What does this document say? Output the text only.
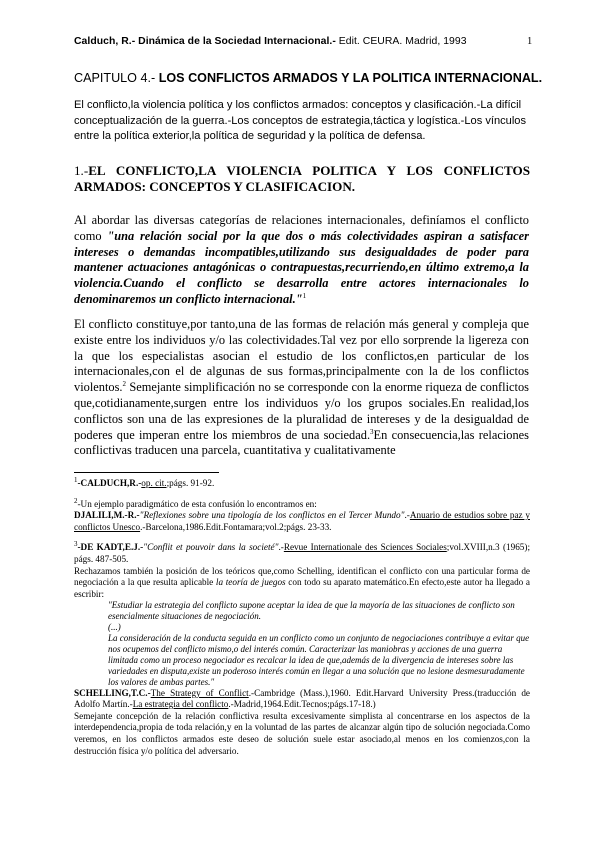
Calduch, R.- Dinámica de la Sociedad Internacional.- Edit. CEURA. Madrid, 1993	1
CAPITULO 4.- LOS CONFLICTOS ARMADOS Y LA POLITICA INTERNACIONAL.

El conflicto,la violencia política y los conflictos armados: conceptos y clasificación.-La difícil conceptualización de la guerra.-Los conceptos de estrategia,táctica y logística.-Los vínculos entre la política exterior,la política de seguridad y la política de defensa.

1.-EL CONFLICTO,LA VIOLENCIA POLITICA Y LOS CONFLICTOS ARMADOS: CONCEPTOS Y CLASIFICACION.

Al abordar las diversas categorías de relaciones internacionales, definíamos el conflicto como "una relación social por la que dos o más colectividades aspiran a satisfacer intereses o demandas incompatibles,utilizando sus desigualdades de poder para mantener actuaciones antagónicas o contrapuestas,recurriendo,en último extremo,a la violencia.Cuando el conflicto se desarrolla entre actores internacionales lo denominaremos un conflicto internacional."$^1$

El conflicto constituye,por tanto,una de las formas de relación más general y compleja que existe entre los individuos y/o las colectividades.Tal vez por ello sorprende la ligereza con la que los especialistas asocian el estudio de los conflictos,en particular de los internacionales,con el de algunas de sus formas,principalmente con la de los conflictos violentos.$^2$ Semejante simplificación no se corresponde con la enorme riqueza de conflictos que,cotidianamente,surgen entre los individuos y/o los grupos sociales.En realidad,los conflictos son una de las expresiones de la pluralidad de intereses y de la desigualdad de poderes que imperan entre los miembros de una sociedad.$^3$En consecuencia,las relaciones conflictivas traducen una parcela, cuantitativa y cualitativamente

$^1$-CALDUCH,R.-op. cit.;págs. 91-92.

$^2$-Un ejemplo paradigmático de esta confusión lo encontramos en:

DJALILI,M.-R.-"Reflexiones sobre una tipología de los conflictos en el Tercer Mundo".-Anuario de estudios sobre paz y conflictos Unesco.-Barcelona,1986.Edit.Fontamara;vol.2;págs. 23-33.

$^3$-DE KADT,E.J.-"Conflit et pouvoir dans la societé".-Revue Internationale des Sciences Sociales;vol.XVIII,n.3 (1965); págs. 487-505.

Rechazamos también la posición de los teóricos que,como Schelling, identifican el conflicto con una particular forma de negociación a la que resulta aplicable la teoría de juegos con todo su aparato matemático.En efecto,este autor ha llegado a escribir:

"Estudiar la estrategia del conflicto supone aceptar la idea de que la mayoría de las situaciones de conflicto son esencialmente situaciones de negociación.

(...)

La consideración de la conducta seguida en un conflicto como un conjunto de negociaciones contribuye a evitar que nos ocupemos del conflicto mismo,o del interés común. Caracterizar las maniobras y acciones de una guerra limitada como un proceso negociador es recalcar la idea de que,además de la divergencia de intereses sobre las variedades en disputa,existe un poderoso interés común en llegar a una solución que no lesione desmesuradamente los valores de ambas partes."

SCHELLING,T.C.-The Strategy of Conflict.-Cambridge (Mass.),1960. Edit.Harvard University Press.(traducción de Adolfo Martín.-La estrategia del conflicto.-Madrid,1964.Edit.Tecnos;págs.17-18.)

Semejante concepción de la relación conflictiva resulta excesivamente simplista al concentrarse en los aspectos de la interdependencia,propia de toda relación,y en la voluntad de las partes de alcanzar algún tipo de solución negociada.Como veremos, en los conflictos armados este deseo de solución suele estar asociado,al menos en los comienzos,con la destrucción física y/o política del adversario.
